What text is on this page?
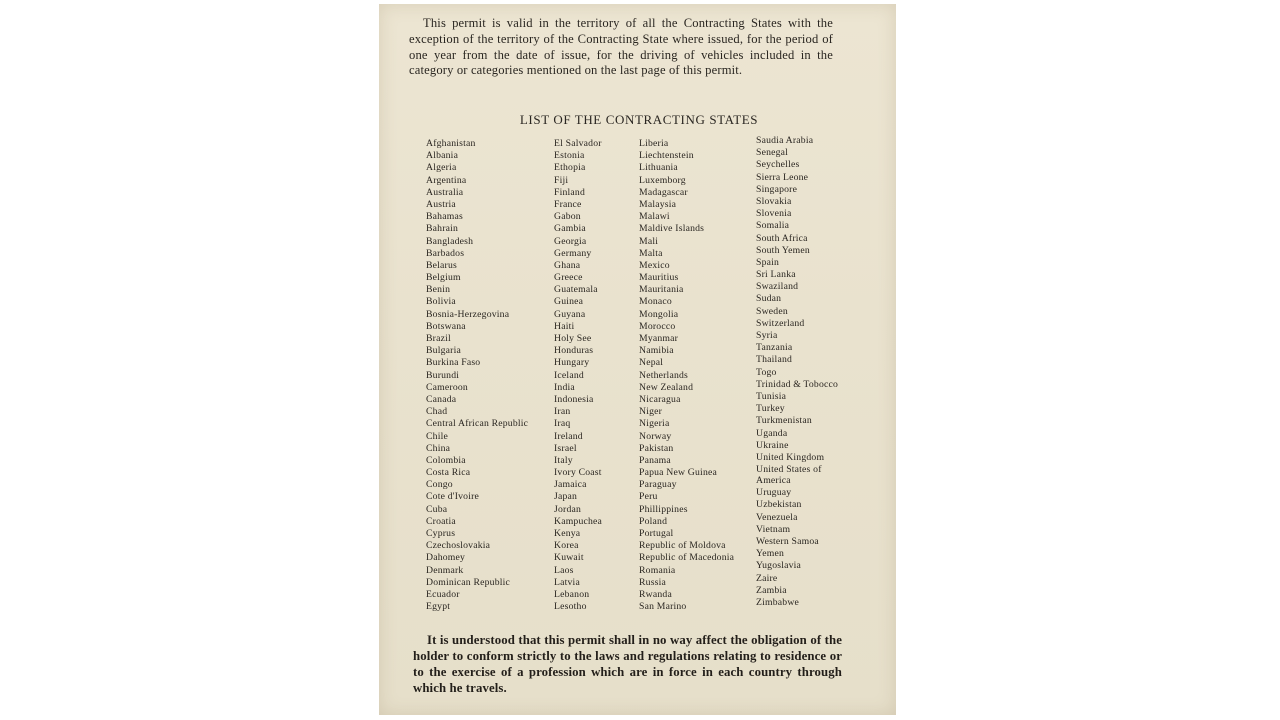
This permit is valid in the territory of all the Contracting States with the exception of the territory of the Contracting State where issued, for the period of one year from the date of issue, for the driving of vehicles included in the category or categories mentioned on the last page of this permit.

LIST OF THE CONTRACTING STATES
Afghanistan
Albania
Algeria
Argentina
Australia
Austria
Bahamas
Bahrain
Bangladesh
Barbados
Belarus
Belgium
Benin
Bolivia
Bosnia-Herzegovina
Botswana
Brazil
Bulgaria
Burkina Faso
Burundi
Cameroon
Canada
Chad
Central African Republic
Chile
China
Colombia
Costa Rica
Congo
Cote d'Ivoire
Cuba
Croatia
Cyprus
Czechoslovakia
Dahomey
Denmark
Dominican Republic
Ecuador
Egypt
El Salvador
Estonia
Ethopia
Fiji
Finland
France
Gabon
Gambia
Georgia
Germany
Ghana
Greece
Guatemala
Guinea
Guyana
Haiti
Holy See
Honduras
Hungary
Iceland
India
Indonesia
Iran
Iraq
Ireland
Israel
Italy
Ivory Coast
Jamaica
Japan
Jordan
Kampuchea
Kenya
Korea
Kuwait
Laos
Latvia
Lebanon
Lesotho
Liberia
Liechtenstein
Lithuania
Luxemborg
Madagascar
Malaysia
Malawi
Maldive Islands
Mali
Malta
Mexico
Mauritius
Mauritania
Monaco
Mongolia
Morocco
Myanmar
Namibia
Nepal
Netherlands
New Zealand
Nicaragua
Niger
Nigeria
Norway
Pakistan
Panama
Papua New Guinea
Paraguay
Peru
Phillippines
Poland
Portugal
Republic of Moldova
Republic of Macedonia
Romania
Russia
Rwanda
San Marino
Saudia Arabia
Senegal
Seychelles
Sierra Leone
Singapore
Slovakia
Slovenia
Somalia
South Africa
South Yemen
Spain
Sri Lanka
Swaziland
Sudan
Sweden
Switzerland
Syria
Tanzania
Thailand
Togo
Trinidad & Tobocco
Tunisia
Turkey
Turkmenistan
Uganda
Ukraine
United Kingdom
United States of
America
Uruguay
Uzbekistan
Venezuela
Vietnam
Western Samoa
Yemen
Yugoslavia
Zaire
Zambia
Zimbabwe

It is understood that this permit shall in no way affect the obligation of the holder to conform strictly to the laws and regulations relating to residence or to the exercise of a profession which are in force in each country through which he travels.
